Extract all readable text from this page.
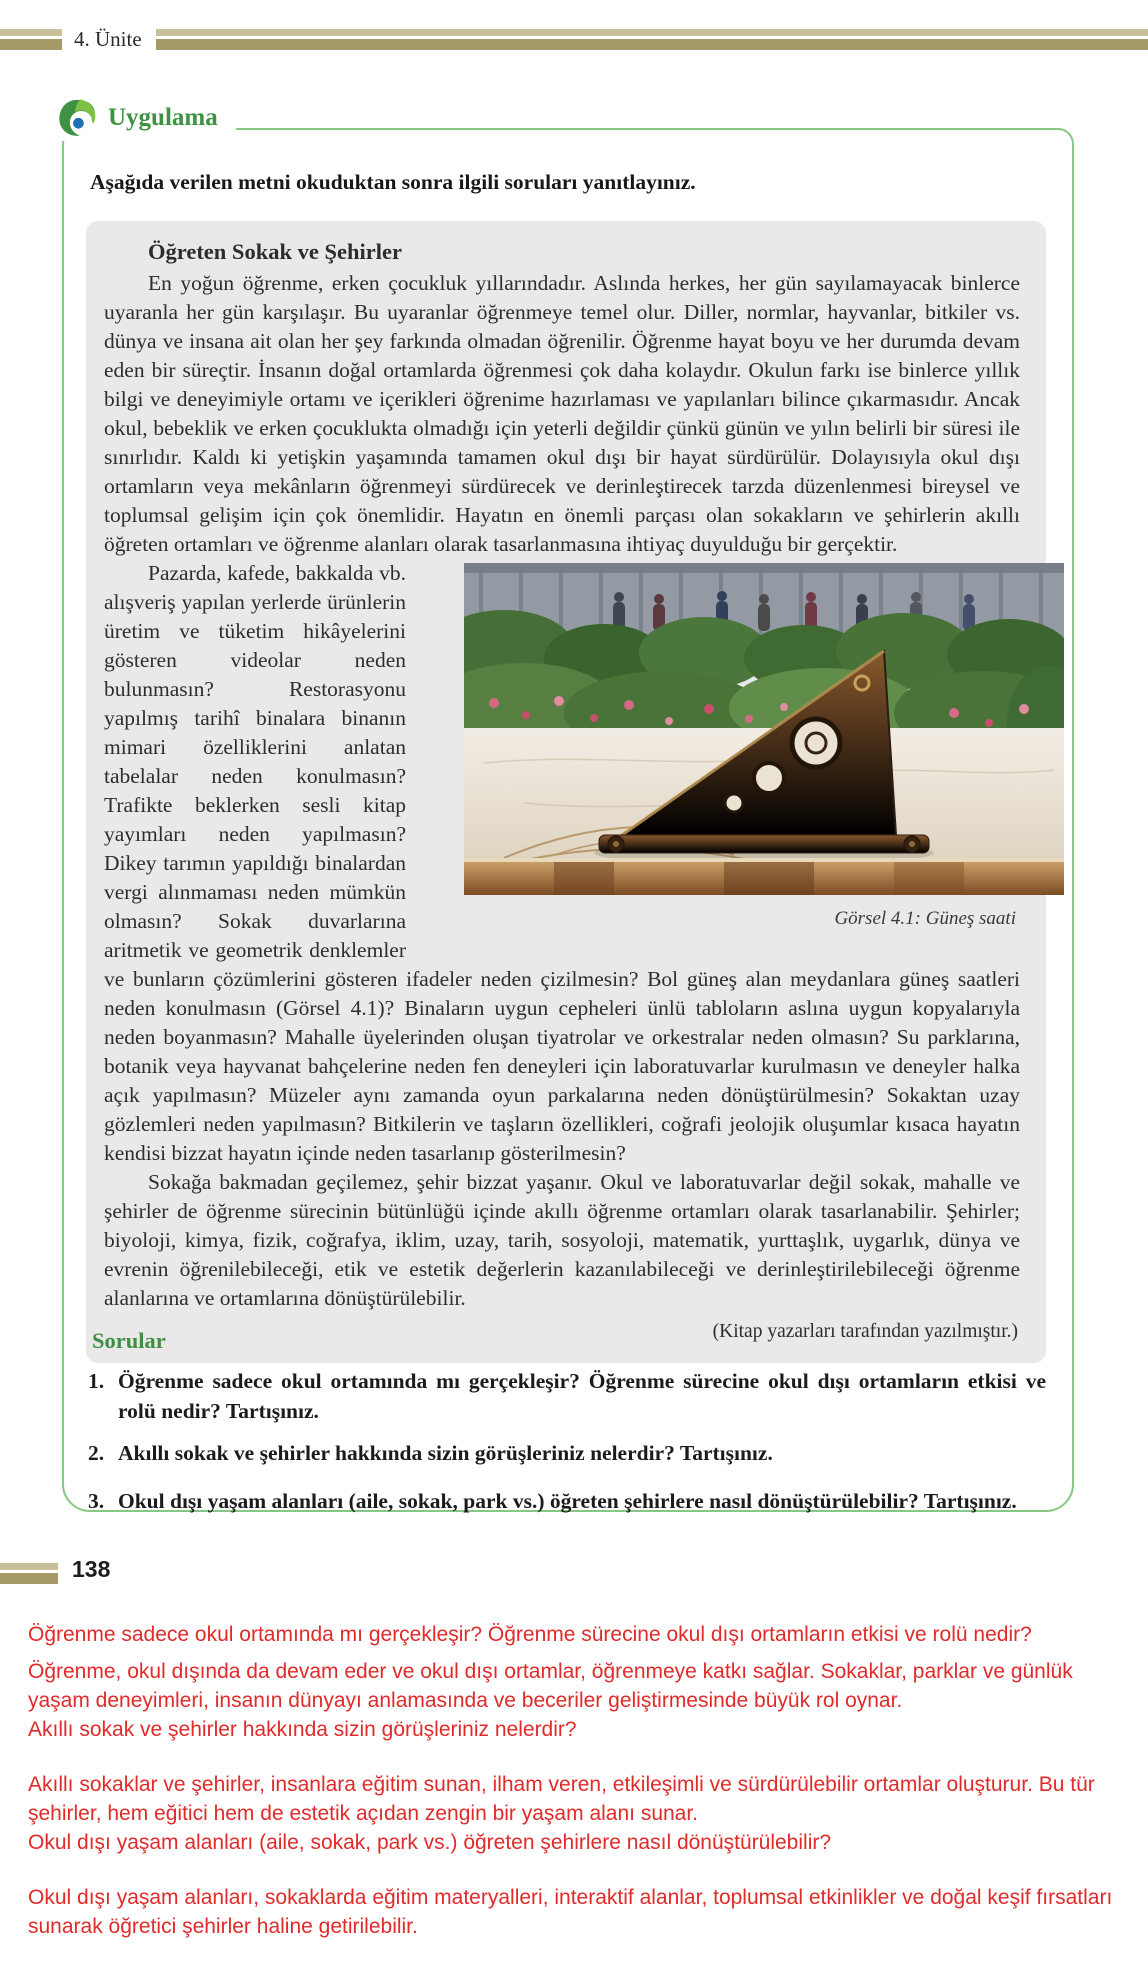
4. Ünite
Uygulama
Aşağıda verilen metni okuduktan sonra ilgili soruları yanıtlayınız.
Öğreten Sokak ve Şehirler

En yoğun öğrenme, erken çocukluk yıllarındadır. Aslında herkes, her gün sayılamayacak binlerce uyaranla her gün karşılaşır. Bu uyaranlar öğrenmeye temel olur. Diller, normlar, hayvanlar, bitkiler vs. dünya ve insana ait olan her şey farkında olmadan öğrenilir. Öğrenme hayat boyu ve her durumda devam eden bir süreçtir. İnsanın doğal ortamlarda öğrenmesi çok daha kolaydır. Okulun farkı ise binlerce yıllık bilgi ve deneyimiyle ortamı ve içerikleri öğrenime hazırlaması ve yapılanları bilince çıkarmasıdır. Ancak okul, bebeklik ve erken çocuklukta olmadığı için yeterli değildir çünkü günün ve yılın belirli bir süresi ile sınırlıdır. Kaldı ki yetişkin yaşamında tamamen okul dışı bir hayat sürdürülür. Dolayısıyla okul dışı ortamların veya mekânların öğrenmeyi sürdürecek ve derinleştirecek tarzda düzenlenmesi bireysel ve toplumsal gelişim için çok önemlidir. Hayatın en önemli parçası olan sokakların ve şehirlerin akıllı öğreten ortamları ve öğrenme alanları olarak tasarlanmasına ihtiyaç duyulduğu bir gerçektir.

Görsel 4.1: Güneş saati
Pazarda, kafede, bakkalda vb. alışveriş yapılan yerlerde ürünlerin üretim ve tüketim hikâyelerini gösteren videolar neden bulunmasın? Restorasyonu yapılmış tarihî binalara binanın mimari özelliklerini anlatan tabelalar neden konulmasın? Trafikte beklerken sesli kitap yayımları neden yapılmasın? Dikey tarımın yapıldığı binalardan vergi alınmaması neden mümkün olmasın? Sokak duvarlarına aritmetik ve geometrik denklemler ve bunların çözümlerini gösteren ifadeler neden çizilmesin? Bol güneş alan meydanlara güneş saatleri neden konulmasın (Görsel 4.1)? Binaların uygun cepheleri ünlü tabloların aslına uygun kopyalarıyla neden boyanmasın? Mahalle üyelerinden oluşan tiyatrolar ve orkestralar neden olmasın? Su parklarına, botanik veya hayvanat bahçelerine neden fen deneyleri için laboratuvarlar kurulmasın ve deneyler halka açık yapılmasın? Müzeler aynı zamanda oyun parkalarına neden dönüştürülmesin? Sokaktan uzay gözlemleri neden yapılmasın? Bitkilerin ve taşların özellikleri, coğrafi jeolojik oluşumlar kısaca hayatın kendisi bizzat hayatın içinde neden tasarlanıp gösterilmesin?

Sokağa bakmadan geçilemez, şehir bizzat yaşanır. Okul ve laboratuvarlar değil sokak, mahalle ve şehirler de öğrenme sürecinin bütünlüğü içinde akıllı öğrenme ortamları olarak tasarlanabilir. Şehirler; biyoloji, kimya, fizik, coğrafya, iklim, uzay, tarih, sosyoloji, matematik, yurttaşlık, uygarlık, dünya ve evrenin öğrenilebileceği, etik ve estetik değerlerin kazanılabileceği ve derinleştirilebileceği öğrenme alanlarına ve ortamlarına dönüştürülebilir.

(Kitap yazarları tarafından yazılmıştır.)
Sorular
1. Öğrenme sadece okul ortamında mı gerçekleşir? Öğrenme sürecine okul dışı ortamların etkisi ve rolü nedir? Tartışınız.
2. Akıllı sokak ve şehirler hakkında sizin görüşleriniz nelerdir? Tartışınız.
3. Okul dışı yaşam alanları (aile, sokak, park vs.) öğreten şehirlere nasıl dönüştürülebilir? Tartışınız.
138

Öğrenme sadece okul ortamında mı gerçekleşir? Öğrenme sürecine okul dışı ortamların etkisi ve rolü nedir?

Öğrenme, okul dışında da devam eder ve okul dışı ortamlar, öğrenmeye katkı sağlar. Sokaklar, parklar ve günlük yaşam deneyimleri, insanın dünyayı anlamasında ve beceriler geliştirmesinde büyük rol oynar.

Akıllı sokak ve şehirler hakkında sizin görüşleriniz nelerdir?

Akıllı sokaklar ve şehirler, insanlara eğitim sunan, ilham veren, etkileşimli ve sürdürülebilir ortamlar oluşturur. Bu tür şehirler, hem eğitici hem de estetik açıdan zengin bir yaşam alanı sunar.

Okul dışı yaşam alanları (aile, sokak, park vs.) öğreten şehirlere nasıl dönüştürülebilir?

Okul dışı yaşam alanları, sokaklarda eğitim materyalleri, interaktif alanlar, toplumsal etkinlikler ve doğal keşif fırsatları sunarak öğretici şehirler haline getirilebilir.
